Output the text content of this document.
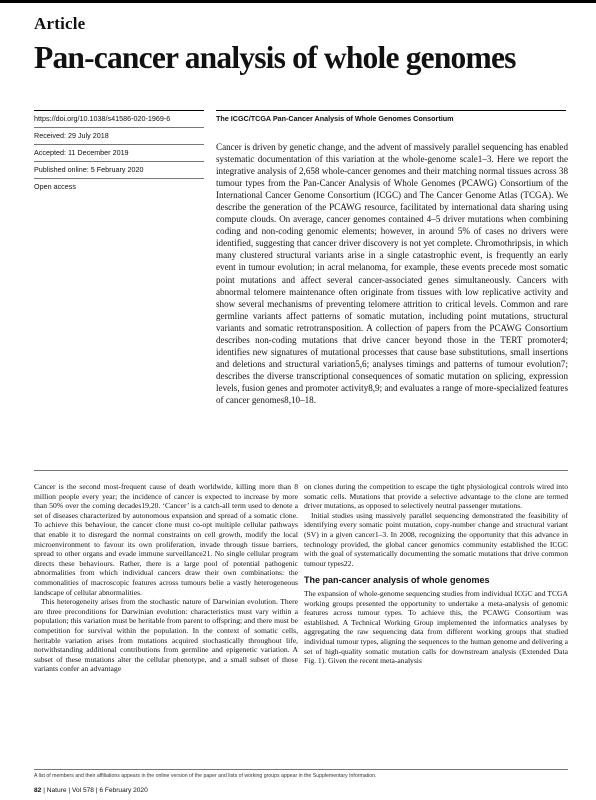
Article
Pan-cancer analysis of whole genomes
https://doi.org/10.1038/s41586-020-1969-6
Received: 29 July 2018
Accepted: 11 December 2019
Published online: 5 February 2020
Open access
The ICGC/TCGA Pan-Cancer Analysis of Whole Genomes Consortium

Cancer is driven by genetic change, and the advent of massively parallel sequencing has enabled systematic documentation of this variation at the whole-genome scale1–3. Here we report the integrative analysis of 2,658 whole-cancer genomes and their matching normal tissues across 38 tumour types from the Pan-Cancer Analysis of Whole Genomes (PCAWG) Consortium of the International Cancer Genome Consortium (ICGC) and The Cancer Genome Atlas (TCGA). We describe the generation of the PCAWG resource, facilitated by international data sharing using compute clouds. On average, cancer genomes contained 4–5 driver mutations when combining coding and non-coding genomic elements; however, in around 5% of cases no drivers were identified, suggesting that cancer driver discovery is not yet complete. Chromothripsis, in which many clustered structural variants arise in a single catastrophic event, is frequently an early event in tumour evolution; in acral melanoma, for example, these events precede most somatic point mutations and affect several cancer-associated genes simultaneously. Cancers with abnormal telomere maintenance often originate from tissues with low replicative activity and show several mechanisms of preventing telomere attrition to critical levels. Common and rare germline variants affect patterns of somatic mutation, including point mutations, structural variants and somatic retrotransposition. A collection of papers from the PCAWG Consortium describes non-coding mutations that drive cancer beyond those in the TERT promoter4; identifies new signatures of mutational processes that cause base substitutions, small insertions and deletions and structural variation5,6; analyses timings and patterns of tumour evolution7; describes the diverse transcriptional consequences of somatic mutation on splicing, expression levels, fusion genes and promoter activity8,9; and evaluates a range of more-specialized features of cancer genomes8,10–18.

Cancer is the second most-frequent cause of death worldwide, killing more than 8 million people every year; the incidence of cancer is expected to increase by more than 50% over the coming decades19,20. ‘Cancer’ is a catch-all term used to denote a set of diseases characterized by autonomous expansion and spread of a somatic clone. To achieve this behaviour, the cancer clone must co-opt multiple cellular pathways that enable it to disregard the normal constraints on cell growth, modify the local microenvironment to favour its own proliferation, invade through tissue barriers, spread to other organs and evade immune surveillance21. No single cellular program directs these behaviours. Rather, there is a large pool of potential pathogenic abnormalities from which individual cancers draw their own combinations: the commonalities of macroscopic features across tumours belie a vastly heterogeneous landscape of cellular abnormalities.

This heterogeneity arises from the stochastic nature of Darwinian evolution. There are three preconditions for Darwinian evolution: characteristics must vary within a population; this variation must be heritable from parent to offspring; and there must be competition for survival within the population. In the context of somatic cells, heritable variation arises from mutations acquired stochastically throughout life, notwithstanding additional contributions from germline and epigenetic variation. A subset of these mutations alter the cellular phenotype, and a small subset of those variants confer an advantage

on clones during the competition to escape the tight physiological controls wired into somatic cells. Mutations that provide a selective advantage to the clone are termed driver mutations, as opposed to selectively neutral passenger mutations.

Initial studies using massively parallel sequencing demonstrated the feasibility of identifying every somatic point mutation, copy-number change and structural variant (SV) in a given cancer1–3. In 2008, recognizing the opportunity that this advance in technology provided, the global cancer genomics community established the ICGC with the goal of systematically documenting the somatic mutations that drive common tumour types22.

The pan-cancer analysis of whole genomes

The expansion of whole-genome sequencing studies from individual ICGC and TCGA working groups presented the opportunity to undertake a meta-analysis of genomic features across tumour types. To achieve this, the PCAWG Consortium was established. A Technical Working Group implemented the informatics analyses by aggregating the raw sequencing data from different working groups that studied individual tumour types, aligning the sequences to the human genome and delivering a set of high-quality somatic mutation calls for downstream analysis (Extended Data Fig. 1). Given the recent meta-analysis

A list of members and their affiliations appears in the online version of the paper and lists of working groups appear in the Supplementary Information.
82 | Nature | Vol 578 | 6 February 2020
